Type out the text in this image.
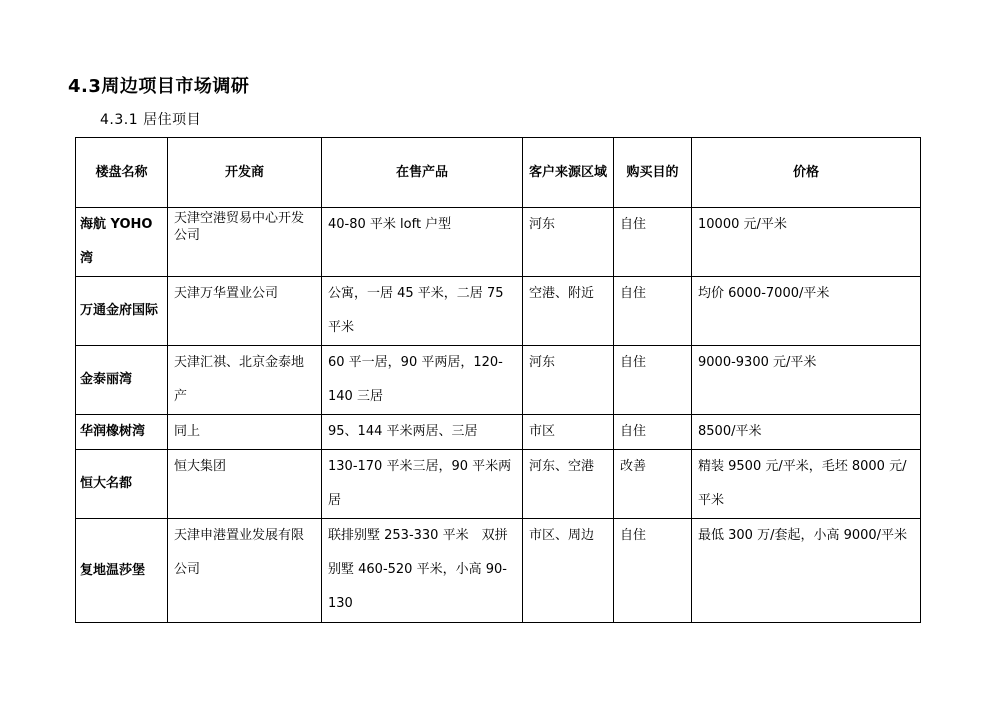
4.3周边项目市场调研
4.3.1 居住项目
楼盘名称	开发商	在售产品	客户来源区域	购买目的	价格
海航 YOHO湾	天津空港贸易中心开发公司	40-80 平米 loft 户型	河东	自住	10000 元/平米
万通金府国际	天津万华置业公司	公寓，一居 45 平米，二居 75 平米	空港、附近	自住	均价 6000-7000/平米
金泰丽湾	天津汇祺、北京金泰地产	60 平一居，90 平两居，120-140 三居	河东	自住	9000-9300 元/平米
华润橡树湾	同上	95、144 平米两居、三居	市区	自住	8500/平米
恒大名都	恒大集团	130-170 平米三居，90 平米两居	河东、空港	改善	精装 9500 元/平米，毛坯 8000 元/平米
复地温莎堡	天津申港置业发展有限公司	联排别墅 253-330 平米　双拼别墅 460-520 平米，小高 90-130	市区、周边	自住	最低 300 万/套起，小高 9000/平米
